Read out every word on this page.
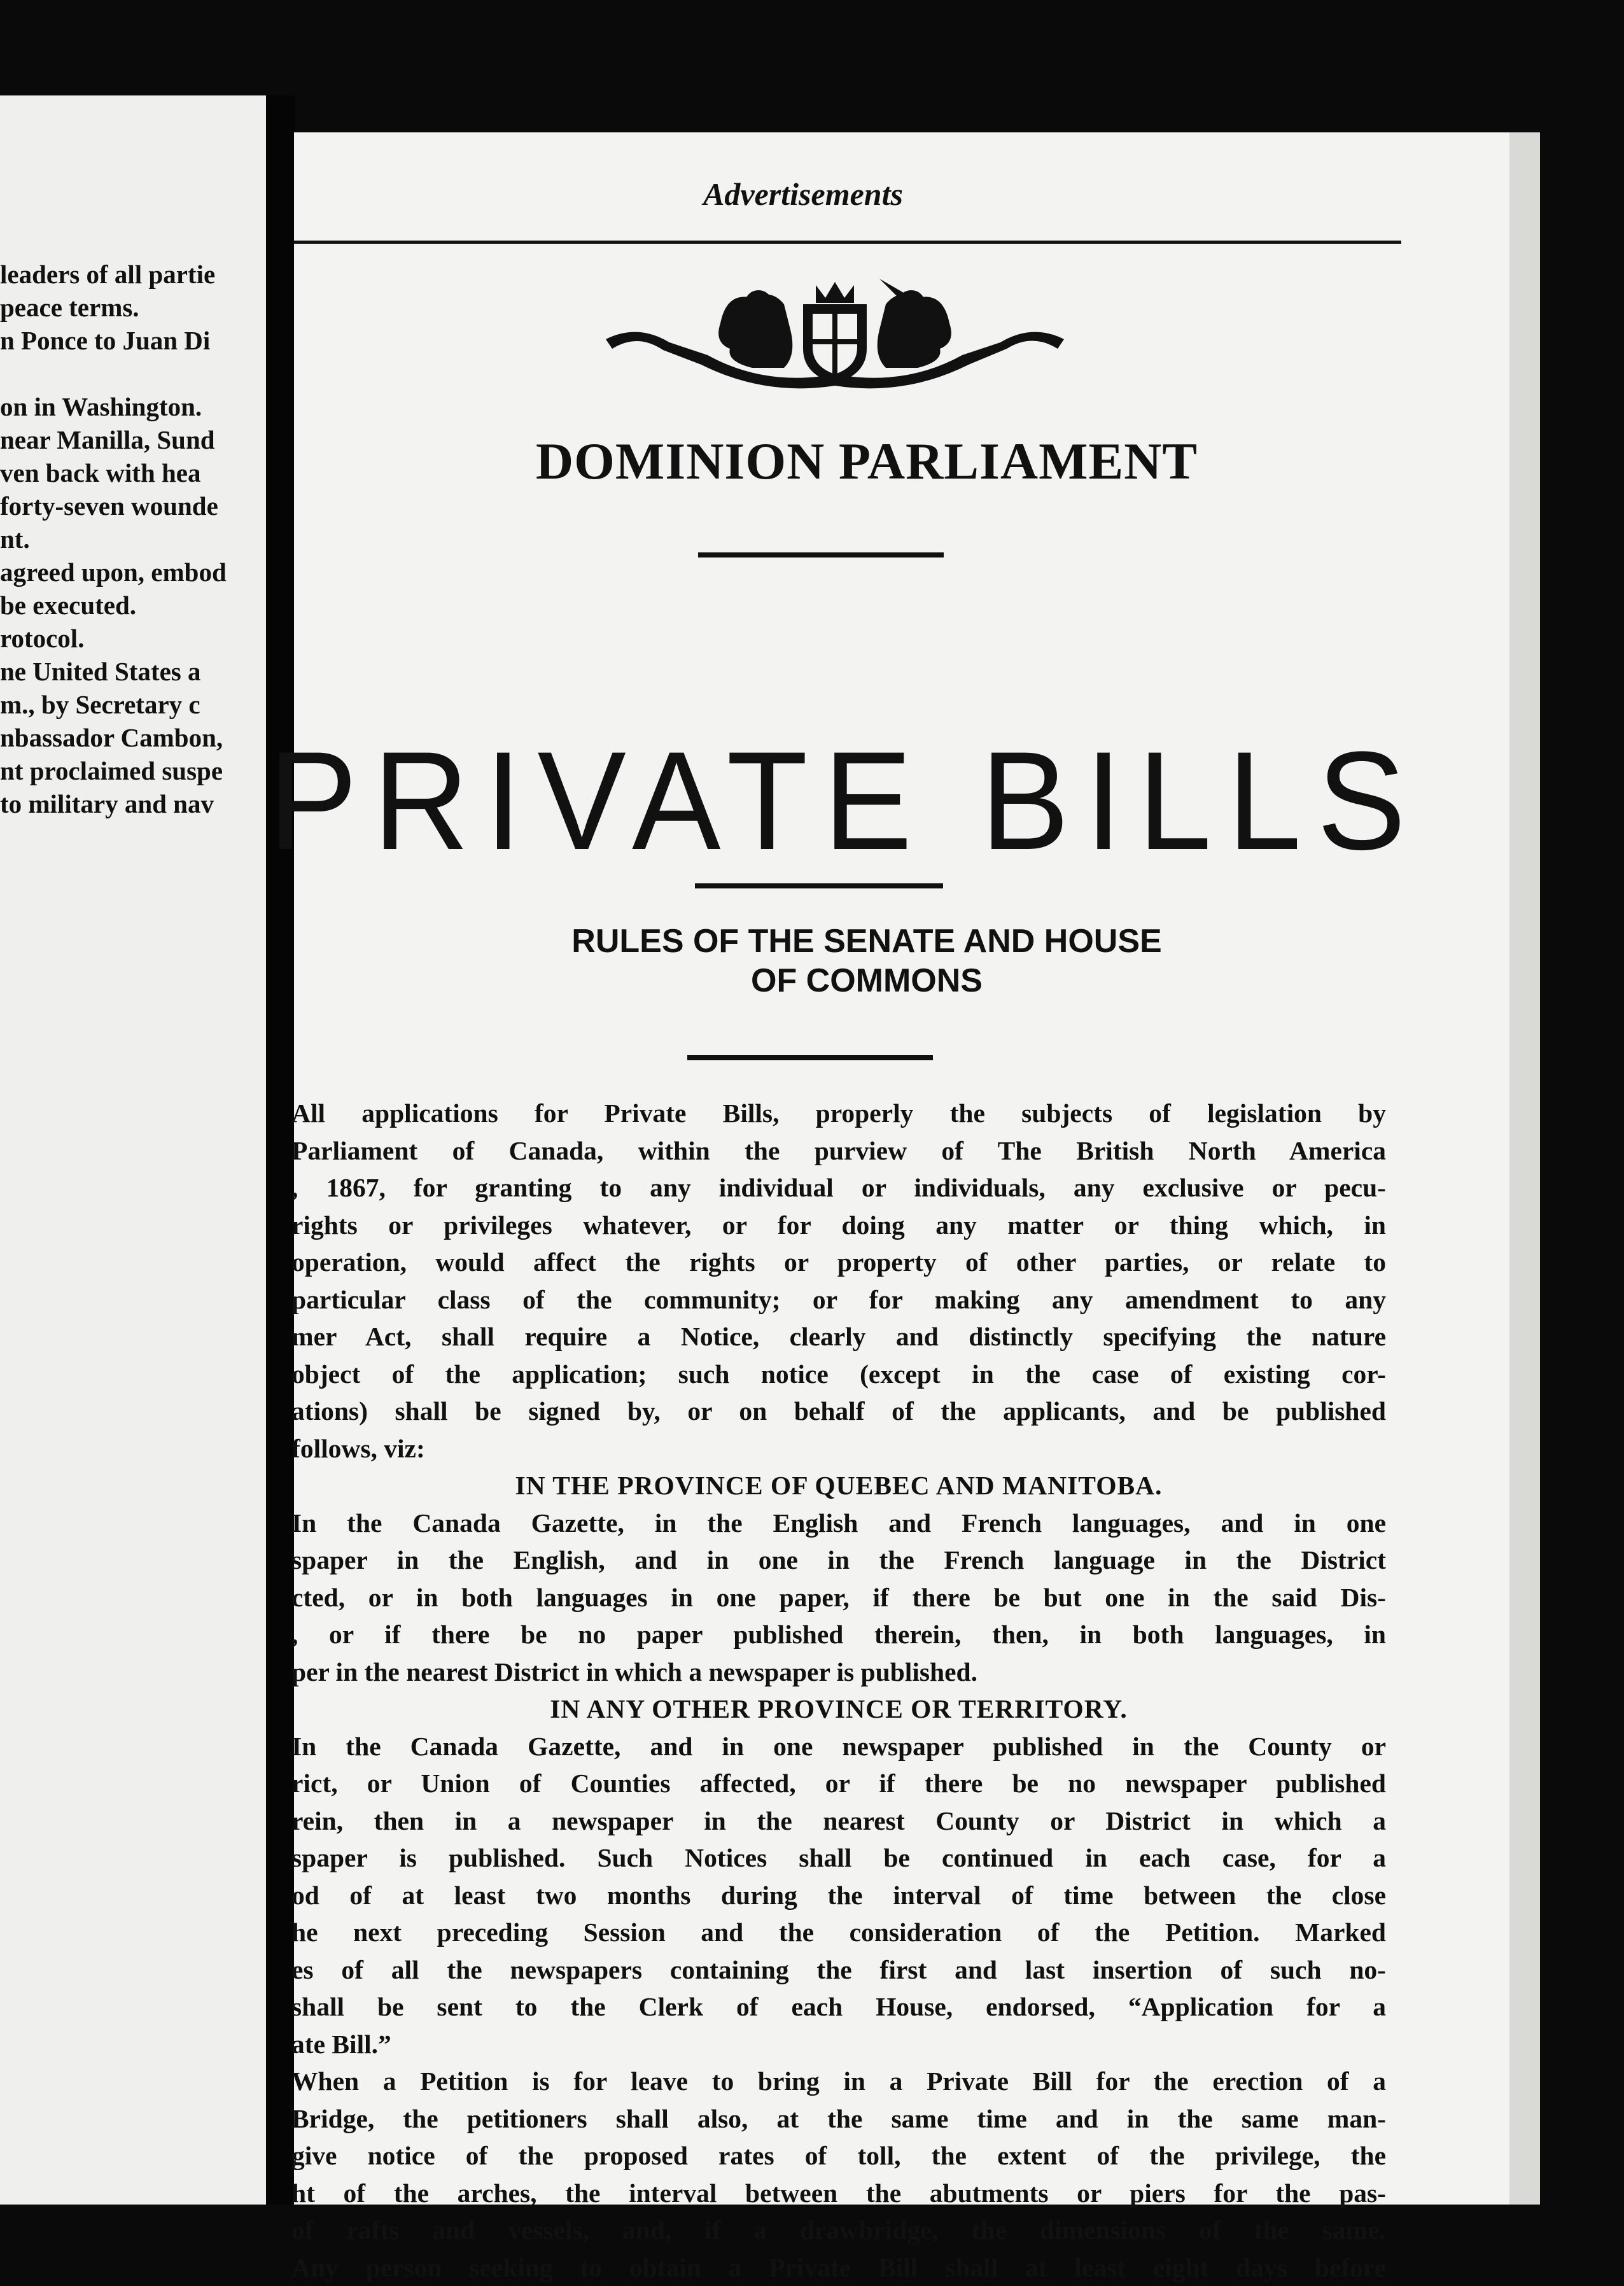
leaders of all partie
peace terms.
n Ponce to Juan Di
on in Washington.
near Manilla, Sund
ven back with hea
forty-seven wounde
nt.
agreed upon, embod
be executed.
rotocol.
ne United States a
m., by Secretary c
nbassador Cambon,
nt proclaimed suspe
to military and nav
Advertisements
DOMINION PARLIAMENT
PRIVATE BILLS
RULES OF THE SENATE AND HOUSE
OF COMMONS
All applications for Private Bills, properly the subjects of legislation by
Parliament of Canada, within the purview of The British North America
, 1867, for granting to any individual or individuals, any exclusive or pecu-
rights or privileges whatever, or for doing any matter or thing which, in
operation, would affect the rights or property of other parties, or relate to
particular class of the community; or for making any amendment to any
mer Act, shall require a Notice, clearly and distinctly specifying the nature
object of the application; such notice (except in the case of existing cor-
ations) shall be signed by, or on behalf of the applicants, and be published
follows, viz:
IN THE PROVINCE OF QUEBEC AND MANITOBA.
In the Canada Gazette, in the English and French languages, and in one
spaper in the English, and in one in the French language in the District
cted, or in both languages in one paper, if there be but one in the said Dis-
, or if there be no paper published therein, then, in both languages, in
per in the nearest District in which a newspaper is published.
IN ANY OTHER PROVINCE OR TERRITORY.
In the Canada Gazette, and in one newspaper published in the County or
rict, or Union of Counties affected, or if there be no newspaper published
rein, then in a newspaper in the nearest County or District in which a
spaper is published. Such Notices shall be continued in each case, for a
od of at least two months during the interval of time between the close
he next preceding Session and the consideration of the Petition. Marked
es of all the newspapers containing the first and last insertion of such no-
shall be sent to the Clerk of each House, endorsed, “Application for a
ate Bill.”
When a Petition is for leave to bring in a Private Bill for the erection of a
Bridge, the petitioners shall also, at the same time and in the same man-
give notice of the proposed rates of toll, the extent of the privilege, the
ht of the arches, the interval between the abutments or piers for the pas-
of rafts and vessels, and, if a drawbridge, the dimensions of the same.
Any person seeking to obtain a Private Bill shall at least eight days before
